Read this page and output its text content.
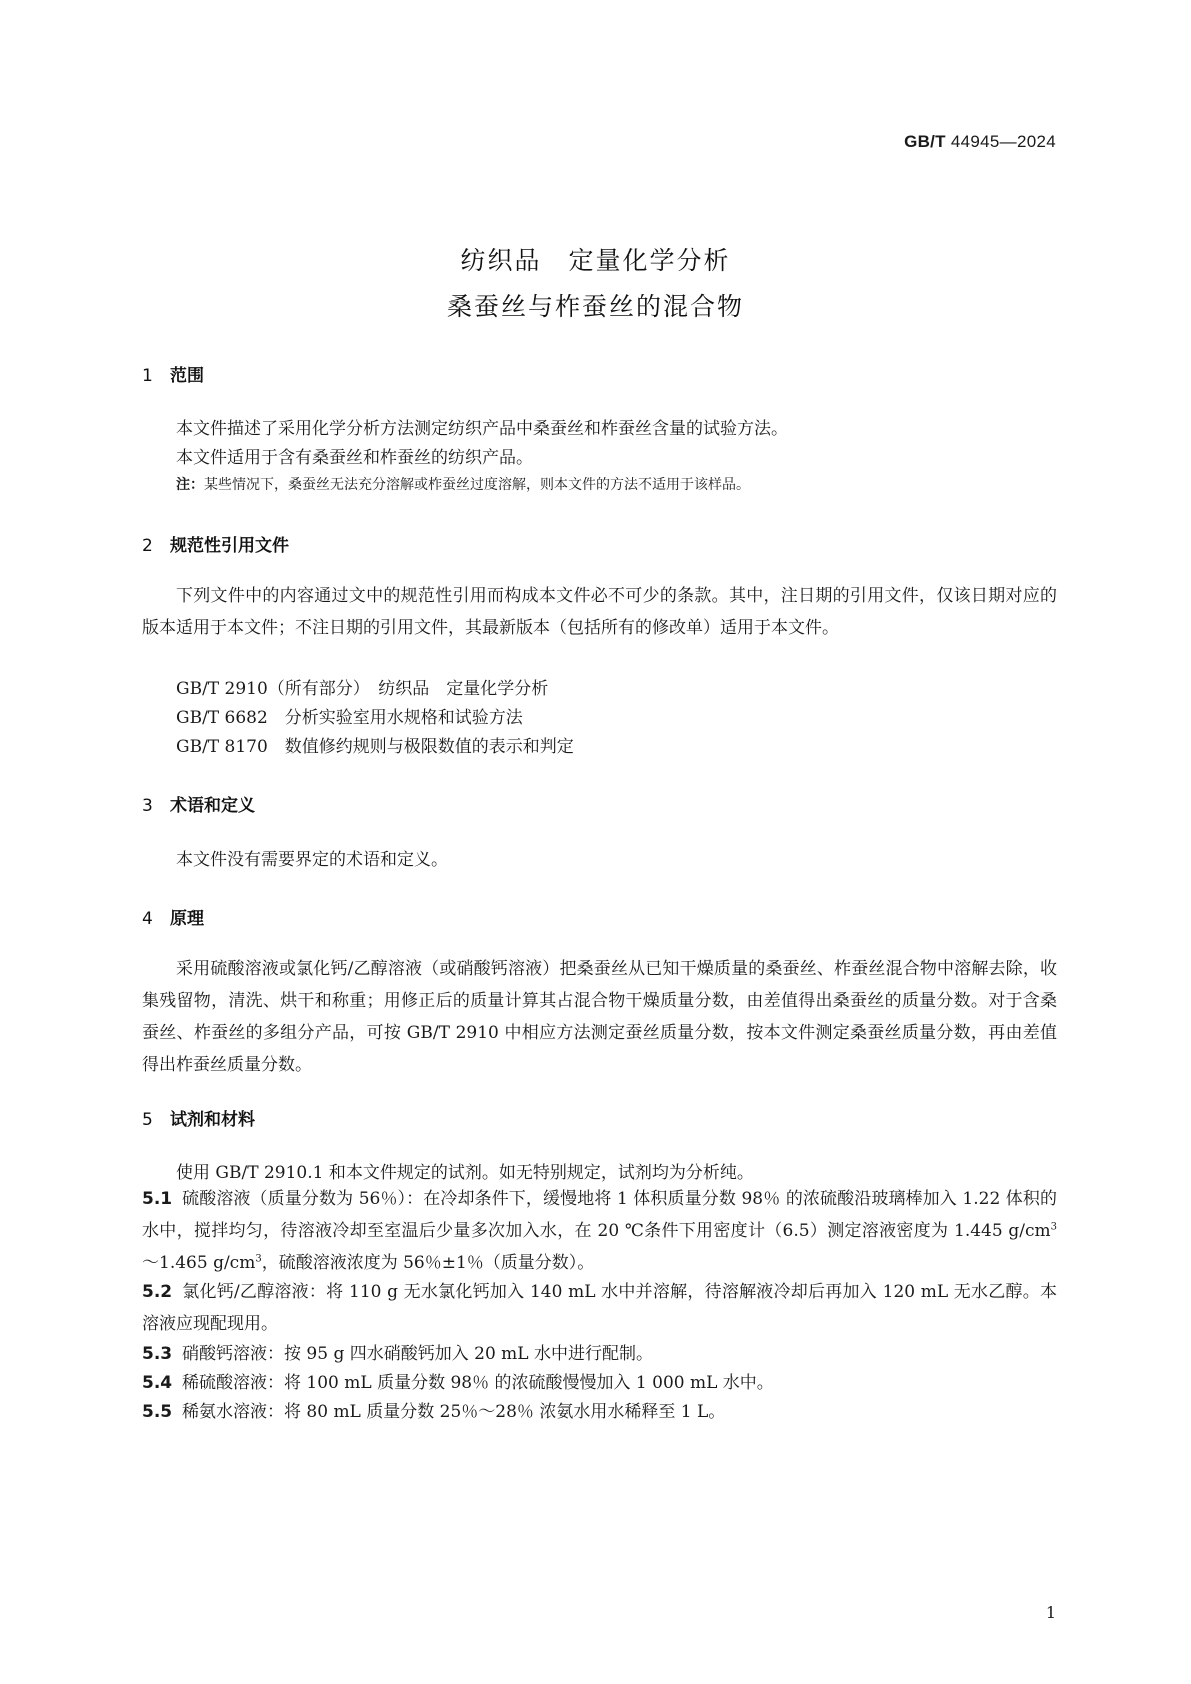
GB/T 44945—2024
纺织品　定量化学分析
桑蚕丝与柞蚕丝的混合物
1 范围
本文件描述了采用化学分析方法测定纺织产品中桑蚕丝和柞蚕丝含量的试验方法。
本文件适用于含有桑蚕丝和柞蚕丝的纺织产品。
注：某些情况下，桑蚕丝无法充分溶解或柞蚕丝过度溶解，则本文件的方法不适用于该样品。
2 规范性引用文件
下列文件中的内容通过文中的规范性引用而构成本文件必不可少的条款。其中，注日期的引用文件，仅该日期对应的版本适用于本文件；不注日期的引用文件，其最新版本（包括所有的修改单）适用于本文件。
GB/T 2910（所有部分）　纺织品　定量化学分析
GB/T 6682　分析实验室用水规格和试验方法
GB/T 8170　数值修约规则与极限数值的表示和判定
3 术语和定义
本文件没有需要界定的术语和定义。
4 原理
采用硫酸溶液或氯化钙/乙醇溶液（或硝酸钙溶液）把桑蚕丝从已知干燥质量的桑蚕丝、柞蚕丝混合物中溶解去除，收集残留物，清洗、烘干和称重；用修正后的质量计算其占混合物干燥质量分数，由差值得出桑蚕丝的质量分数。对于含桑蚕丝、柞蚕丝的多组分产品，可按 GB/T 2910 中相应方法测定蚕丝质量分数，按本文件测定桑蚕丝质量分数，再由差值得出柞蚕丝质量分数。
5 试剂和材料
使用 GB/T 2910.1 和本文件规定的试剂。如无特别规定，试剂均为分析纯。
5.1 硫酸溶液（质量分数为 56％）：在冷却条件下，缓慢地将 1 体积质量分数 98％ 的浓硫酸沿玻璃棒加入 1.22 体积的水中，搅拌均匀，待溶液冷却至室温后少量多次加入水，在 20 ℃条件下用密度计（6.5）测定溶液密度为 1.445 $g/cm^3\sim 1.465$ $g/cm^3$，硫酸溶液浓度为 56％±1％（质量分数）。
5.2 氯化钙/乙醇溶液：将 110 g 无水氯化钙加入 140 mL 水中并溶解，待溶解液冷却后再加入 120 mL 无水乙醇。本溶液应现配现用。
5.3 硝酸钙溶液：按 95 g 四水硝酸钙加入 20 mL 水中进行配制。
5.4 稀硫酸溶液：将 100 mL 质量分数 98％ 的浓硫酸慢慢加入 1 000 mL 水中。
5.5 稀氨水溶液：将 80 mL 质量分数 25％～28％ 浓氨水用水稀释至 1 L。
1
